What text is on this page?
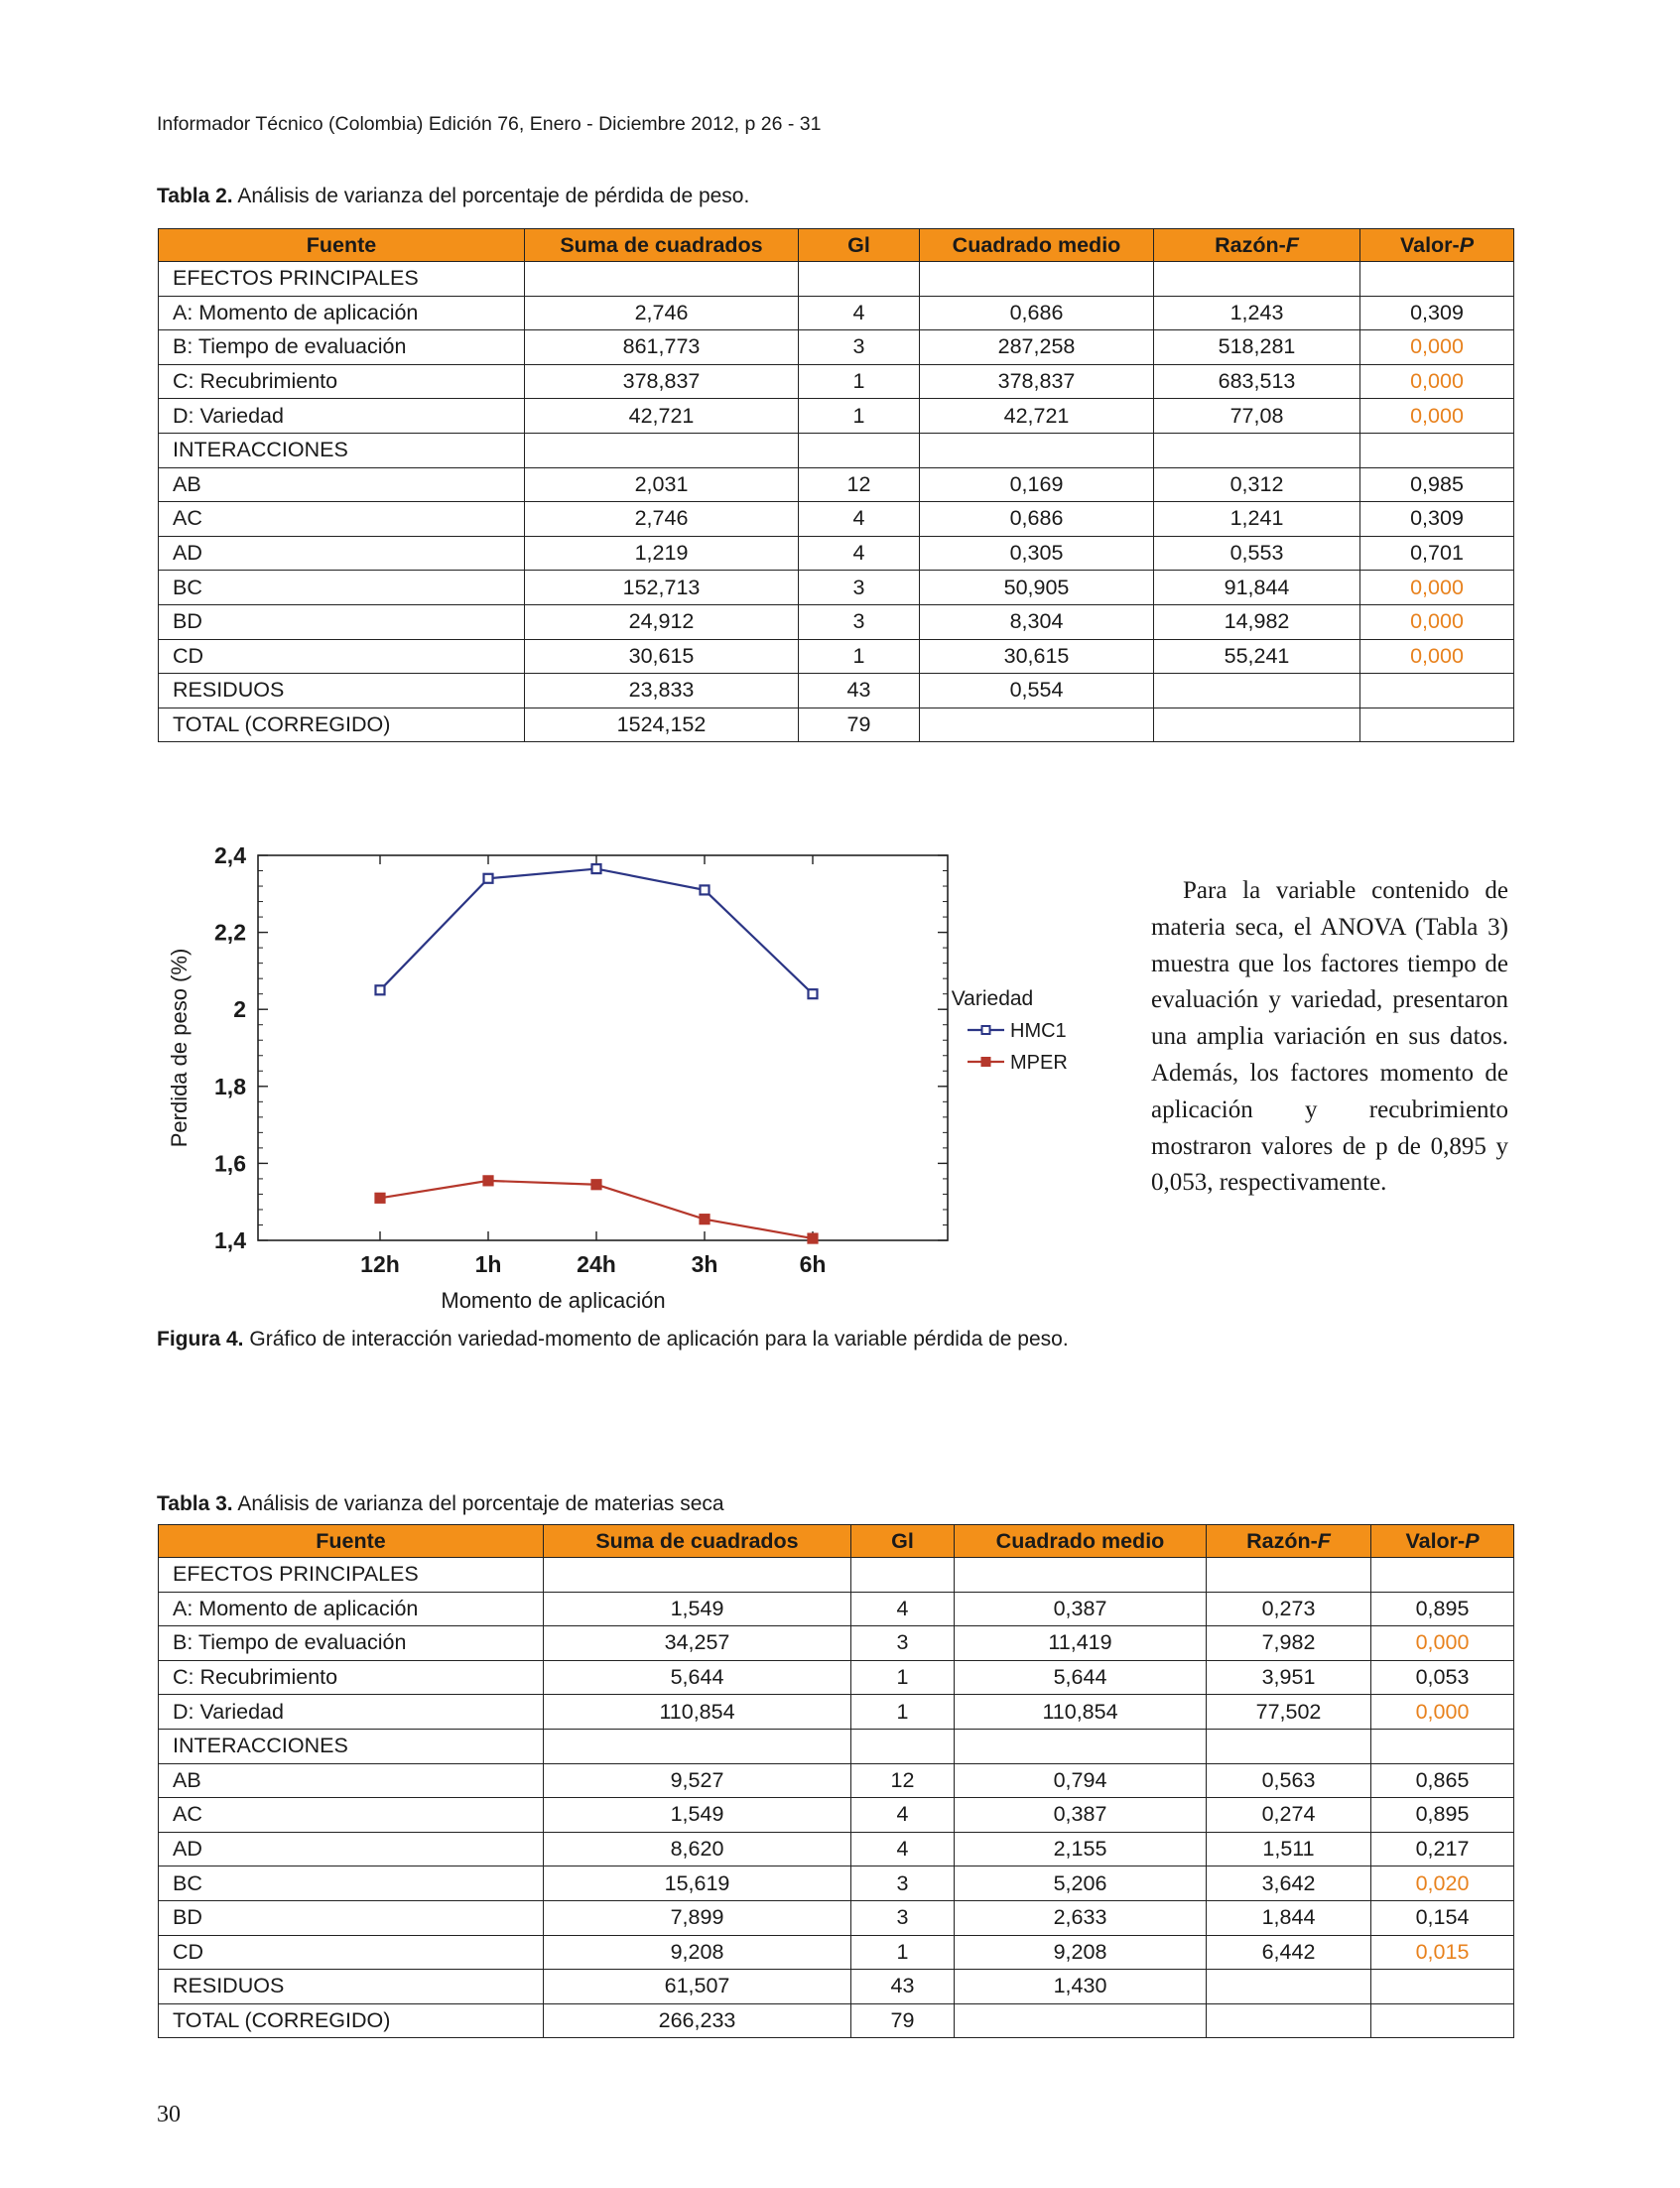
Informador Técnico (Colombia) Edición 76, Enero - Diciembre 2012, p 26 - 31
Tabla 2. Análisis de varianza del porcentaje de pérdida de peso.
Fuente	Suma de cuadrados	Gl	Cuadrado medio	Razón-F	Valor-P
EFECTOS PRINCIPALES					
A: Momento de aplicación	2,746	4	0,686	1,243	0,309
B: Tiempo de evaluación	861,773	3	287,258	518,281	0,000
C: Recubrimiento	378,837	1	378,837	683,513	0,000
D: Variedad	42,721	1	42,721	77,08	0,000
INTERACCIONES					
AB	2,031	12	0,169	0,312	0,985
AC	2,746	4	0,686	1,241	0,309
AD	1,219	4	0,305	0,553	0,701
BC	152,713	3	50,905	91,844	0,000
BD	24,912	3	8,304	14,982	0,000
CD	30,615	1	30,615	55,241	0,000
RESIDUOS	23,833	43	0,554		
TOTAL (CORREGIDO)	1524,152	79			
1,4
1,6
1,8
2
2,2
2,4
12h	1h	24h	3h	6h
Momento de aplicación
Perdida de peso (%)	Variedad
HMC1
MPER
Figura 4. Gráfico de interacción variedad-momento de aplicación para la variable pérdida de peso.
Para la variable contenido de materia seca, el ANOVA (Tabla 3) muestra que los factores tiempo de evaluación y variedad, presentaron una amplia variación en sus datos. Además, los factores momento de aplicación y recubrimiento mostraron valores de p de 0,895 y 0,053, respectivamente.
Tabla 3. Análisis de varianza del porcentaje de materias seca
Fuente	Suma de cuadrados	Gl	Cuadrado medio	Razón-F	Valor-P
EFECTOS PRINCIPALES					
A: Momento de aplicación	1,549	4	0,387	0,273	0,895
B: Tiempo de evaluación	34,257	3	11,419	7,982	0,000
C: Recubrimiento	5,644	1	5,644	3,951	0,053
D: Variedad	110,854	1	110,854	77,502	0,000
INTERACCIONES					
AB	9,527	12	0,794	0,563	0,865
AC	1,549	4	0,387	0,274	0,895
AD	8,620	4	2,155	1,511	0,217
BC	15,619	3	5,206	3,642	0,020
BD	7,899	3	2,633	1,844	0,154
CD	9,208	1	9,208	6,442	0,015
RESIDUOS	61,507	43	1,430		
TOTAL (CORREGIDO)	266,233	79			
30
